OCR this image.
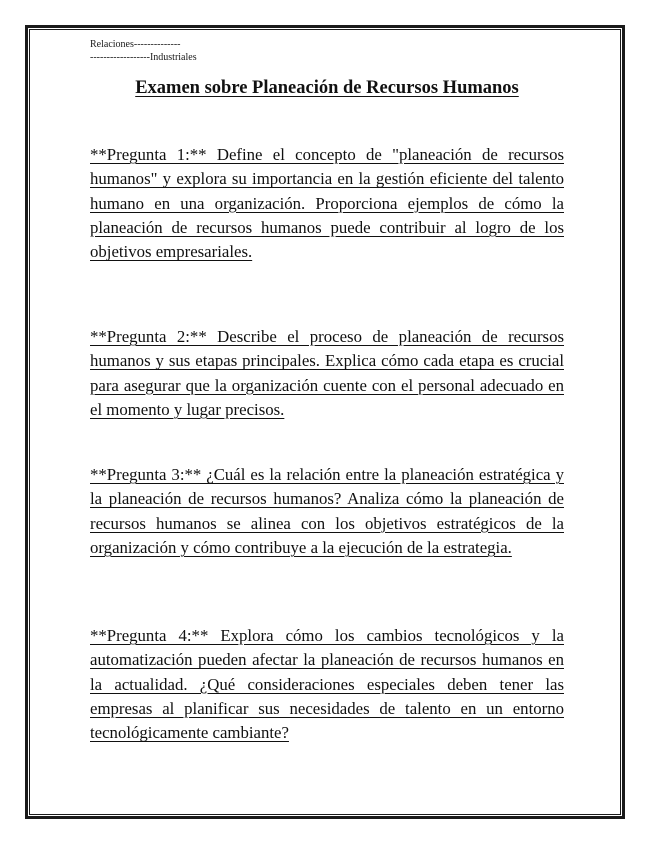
Relaciones--------------
------------------Industriales
Examen sobre Planeación de Recursos Humanos

**Pregunta 1:** Define el concepto de "planeación de recursos humanos" y explora su importancia en la gestión eficiente del talento humano en una organización. Proporciona ejemplos de cómo la planeación de recursos humanos puede contribuir al logro de los objetivos empresariales.

**Pregunta 2:** Describe el proceso de planeación de recursos humanos y sus etapas principales. Explica cómo cada etapa es crucial para asegurar que la organización cuente con el personal adecuado en el momento y lugar precisos.

**Pregunta 3:** ¿Cuál es la relación entre la planeación estratégica y la planeación de recursos humanos? Analiza cómo la planeación de recursos humanos se alinea con los objetivos estratégicos de la organización y cómo contribuye a la ejecución de la estrategia.

**Pregunta 4:** Explora cómo los cambios tecnológicos y la automatización pueden afectar la planeación de recursos humanos en la actualidad. ¿Qué consideraciones especiales deben tener las empresas al planificar sus necesidades de talento en un entorno tecnológicamente cambiante?
